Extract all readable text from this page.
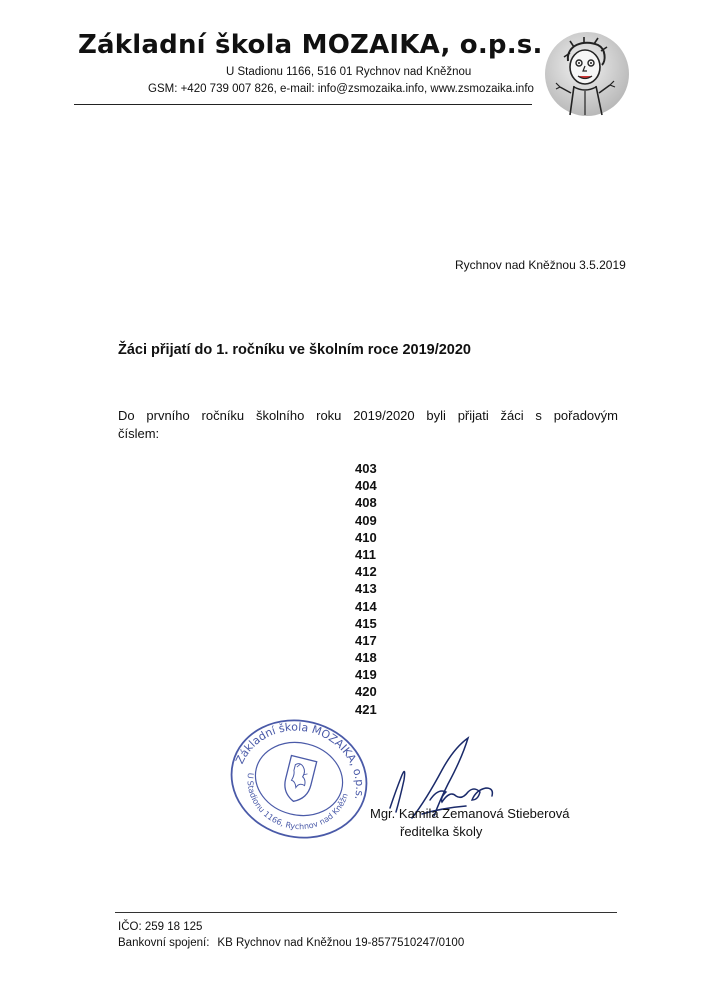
Základní škola MOZAIKA, o.p.s.
U Stadionu 1166, 516 01 Rychnov nad Kněžnou
GSM: +420 739 007 826, e-mail: info@zsmozaika.info, www.zsmozaika.info
Rychnov nad Kněžnou 3.5.2019
Žáci přijatí do 1. ročníku ve školním roce 2019/2020
Do prvního ročníku školního roku 2019/2020 byli přijati žáci s pořadovým
číslem:
403
404
408
409
410
411
412
413
414
415
417
418
419
420
421
Základní škola MOZAIKA, o.p.s.
U Stadionu 1166, Rychnov nad Kněžnou
Mgr. Kamila Zemanová Stieberová
ředitelka školy
IČO: 259 18 125
Bankovní spojení: KB Rychnov nad Kněžnou 19-8577510247/0100
